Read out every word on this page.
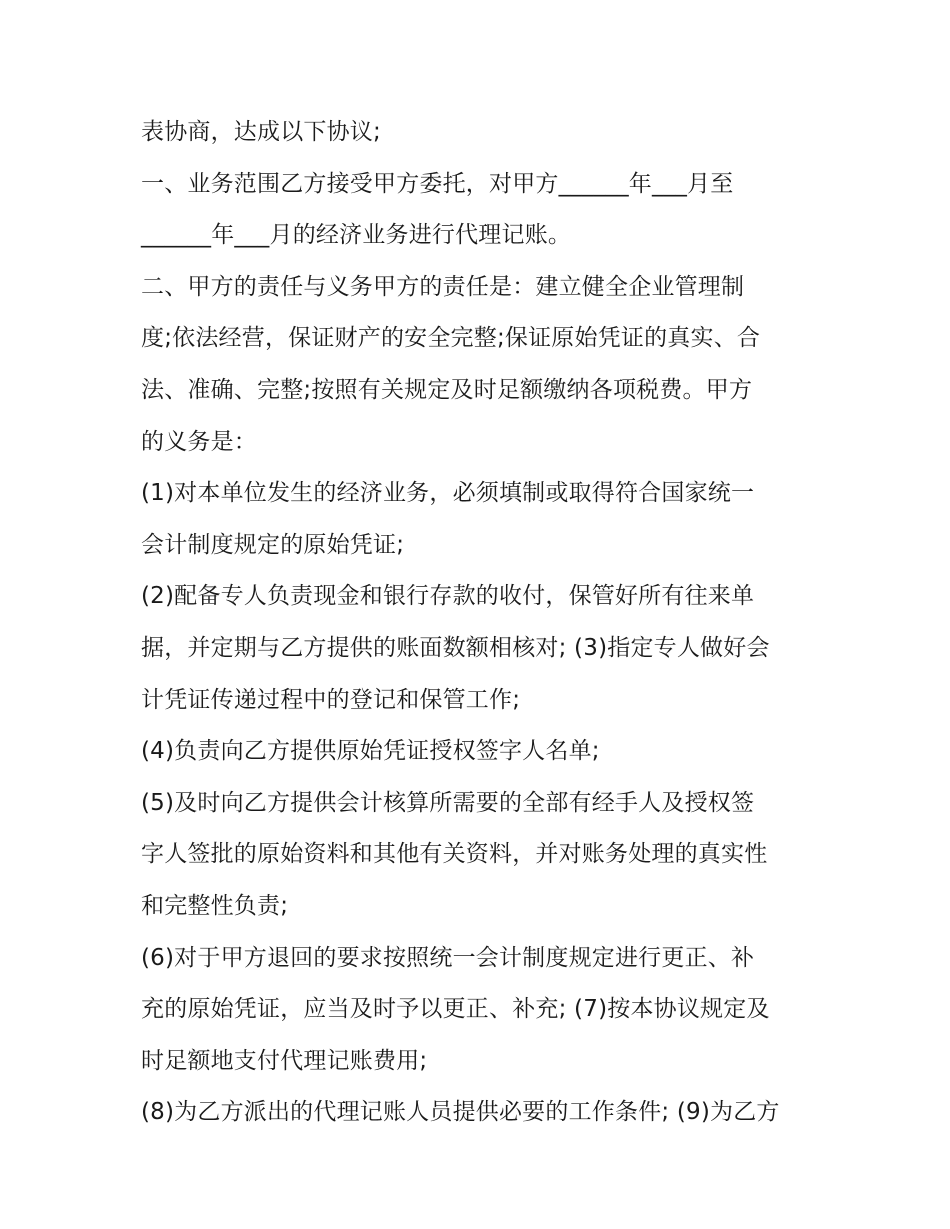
表协商，达成以下协议;
一、业务范围乙方接受甲方委托，对甲方______年___月至
______年___月的经济业务进行代理记账。
二、甲方的责任与义务甲方的责任是：建立健全企业管理制
度;依法经营，保证财产的安全完整;保证原始凭证的真实、合
法、准确、完整;按照有关规定及时足额缴纳各项税费。甲方
的义务是：
(1)对本单位发生的经济业务，必须填制或取得符合国家统一
会计制度规定的原始凭证;
(2)配备专人负责现金和银行存款的收付，保管好所有往来单
据，并定期与乙方提供的账面数额相核对; (3)指定专人做好会
计凭证传递过程中的登记和保管工作;
(4)负责向乙方提供原始凭证授权签字人名单;
(5)及时向乙方提供会计核算所需要的全部有经手人及授权签
字人签批的原始资料和其他有关资料，并对账务处理的真实性
和完整性负责;
(6)对于甲方退回的要求按照统一会计制度规定进行更正、补
充的原始凭证，应当及时予以更正、补充; (7)按本协议规定及
时足额地支付代理记账费用;
(8)为乙方派出的代理记账人员提供必要的工作条件; (9)为乙方
